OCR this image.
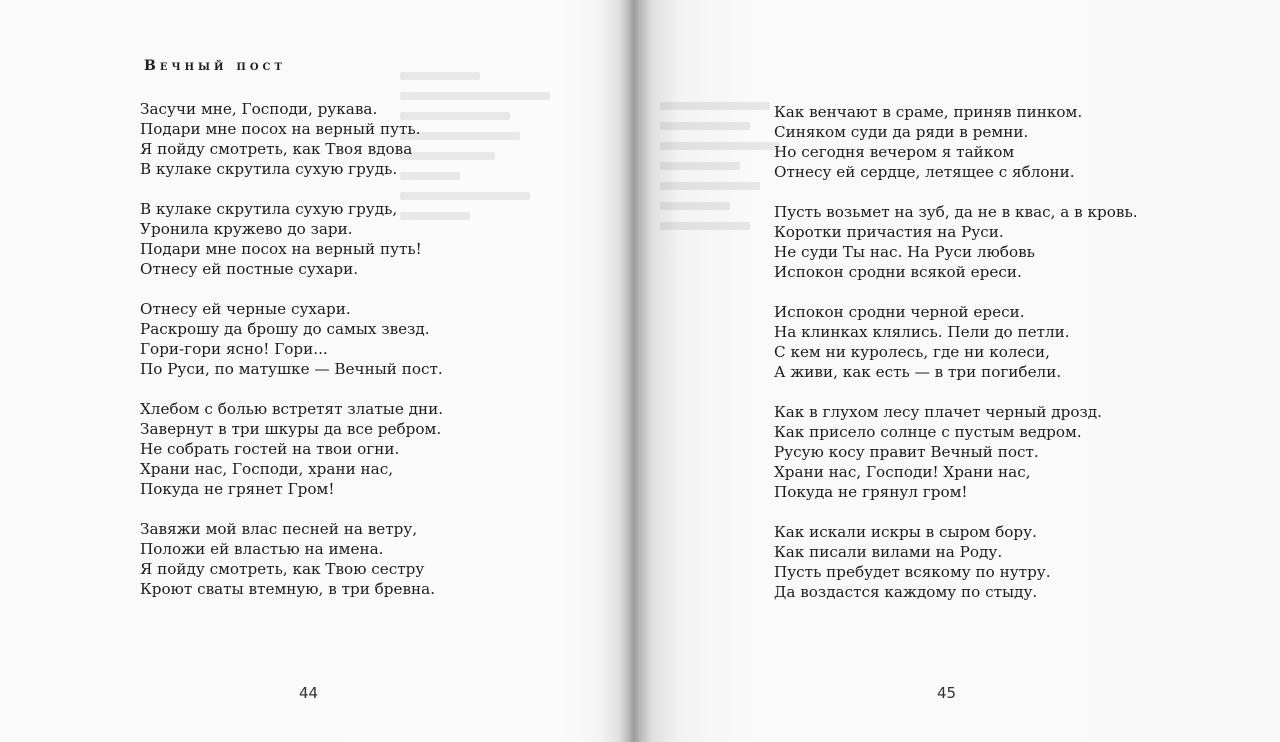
Вечный пост
Засучи мне, Господи, рукава.
Подари мне посох на верный путь.
Я пойду смотреть, как Твоя вдова
В кулаке скрутила сухую грудь.
В кулаке скрутила сухую грудь,
Уронила кружево до зари.
Подари мне посох на верный путь!
Отнесу ей постные сухари.
Отнесу ей черные сухари.
Раскрошу да брошу до самых звезд.
Гори-гори ясно! Гори...
По Руси, по матушке — Вечный пост.
Хлебом с болью встретят златые дни.
Завернут в три шкуры да все ребром.
Не собрать гостей на твои огни.
Храни нас, Господи, храни нас,
Покуда не грянет Гром!
Завяжи мой влас песней на ветру,
Положи ей властью на имена.
Я пойду смотреть, как Твою сестру
Кроют сваты втемную, в три бревна.
44
Как венчают в сраме, приняв пинком.
Синяком суди да ряди в ремни.
Но сегодня вечером я тайком
Отнесу ей сердце, летящее с яблони.
Пусть возьмет на зуб, да не в квас, а в кровь.
Коротки причастия на Руси.
Не суди Ты нас. На Руси любовь
Испокон сродни всякой ереси.
Испокон сродни черной ереси.
На клинках клялись. Пели до петли.
С кем ни куролесь, где ни колеси,
А живи, как есть — в три погибели.
Как в глухом лесу плачет черный дрозд.
Как присело солнце с пустым ведром.
Русую косу правит Вечный пост.
Храни нас, Господи! Храни нас,
Покуда не грянул гром!
Как искали искры в сыром бору.
Как писали вилами на Роду.
Пусть пребудет всякому по нутру.
Да воздастся каждому по стыду.
45
